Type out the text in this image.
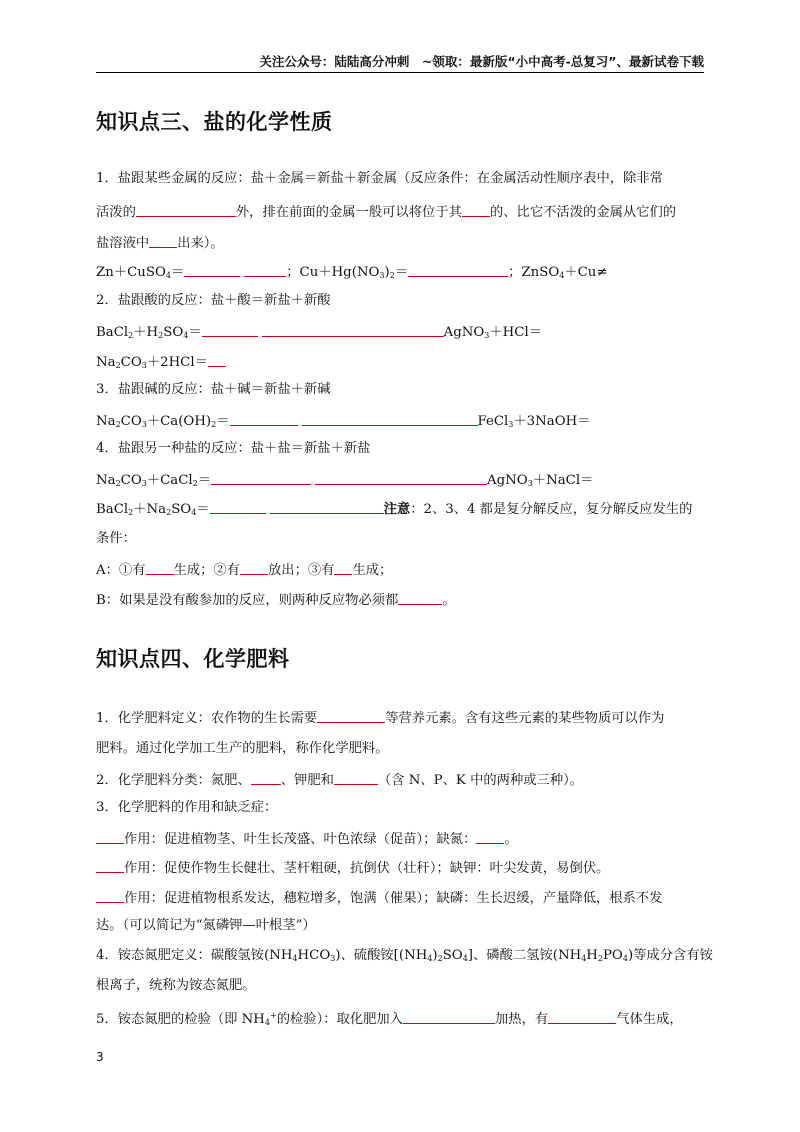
关注公众号：陆陆高分冲刺　~领取：最新版“小中高考-总复习”、最新试卷下载
知识点三、盐的化学性质
1．盐跟某些金属的反应：盐＋金属＝新盐＋新金属（反应条件：在金属活动性顺序表中，除非常
活泼的	外，排在前面的金属一般可以将位于其 的、比它不活泼的金属从它们的
盐溶液中 出来）。
Zn＋CuSO$_4$＝	；$Cu+Hg(NO_3)_2=$	；ZnSO$_4$＋Cu≠
2．盐跟酸的反应：盐＋酸＝新盐＋新酸
$BaCl_2+H_2SO_4=$	AgNO$_3$＋HCl＝
$Na_2CO_3+2HCl=$
3．盐跟碱的反应：盐＋碱＝新盐＋新碱
$Na_2CO_3+Ca(OH)_2=$	FeCl$_3$＋3NaOH＝
4．盐跟另一种盐的反应：盐＋盐＝新盐＋新盐
$Na_2CO_3+CaCl_2=$	AgNO$_3$＋NaCl＝
$BaCl_2+Na_2SO_4=$	注意：2、3、4 都是复分解反应，复分解反应发生的
条件：
A：①有 生成；②有 放出；③有 生成；
B：如果是没有酸参加的反应，则两种反应物必须都	。
知识点四、化学肥料
1．化学肥料定义：农作物的生长需要	等营养元素。含有这些元素的某些物质可以作为
肥料。通过化学加工生产的肥料，称作化学肥料。
2．化学肥料分类：氮肥、 、钾肥和	（含 N、P、K 中的两种或三种）。
3．化学肥料的作用和缺乏症：
作用：促进植物茎、叶生长茂盛、叶色浓绿（促苗）；缺氮： 。
作用：促使作物生长健壮、茎杆粗硬，抗倒伏（壮秆）；缺钾：叶尖发黄，易倒伏。
作用：促进植物根系发达，穗粒增多，饱满（催果）；缺磷：生长迟缓，产量降低，根系不发
达。（可以简记为“氮磷钾—叶根茎”）
4．铵态氮肥定义：碳酸氢铵$(NH_4HCO_3)$、硫酸铵$[(NH_4)_2SO_4]$、磷酸二氢铵$(NH_4H_2PO_4)$等成分含有铵
根离子，统称为铵态氮肥。
5．铵态氮肥的检验（即 $NH_4^+$的检验）：取化肥加入	加热，有	气体生成，
3
